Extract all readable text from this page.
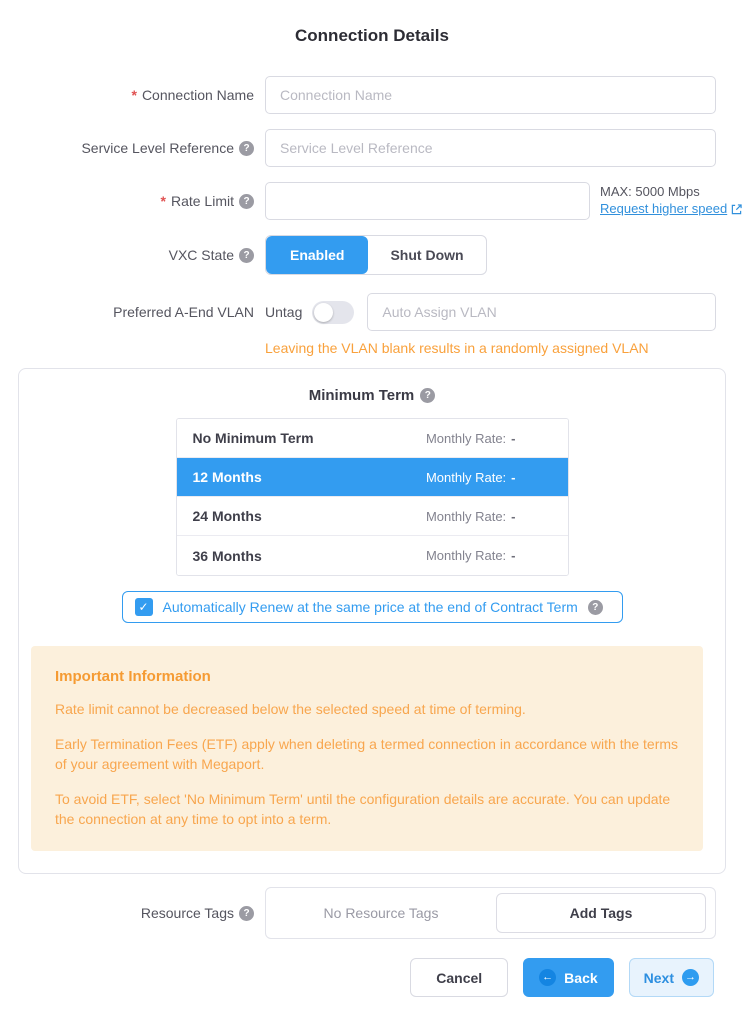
Connection Details
* Connection Name
Connection Name
Service Level Reference ?
Service Level Reference
* Rate Limit ?
MAX: 5000 Mbps
Request higher speed
VXC State ?	Enabled	Shut Down
Preferred A-End VLAN Untag
Auto Assign VLAN
Leaving the VLAN blank results in a randomly assigned VLAN
Minimum Term	?
No Minimum Term	Monthly Rate: -
12 Months	Monthly Rate: -
24 Months	Monthly Rate: -
36 Months	Monthly Rate: -
✓ Automatically Renew at the same price at the end of Contract Term	?
Important Information
Rate limit cannot be decreased below the selected speed at time of terming.
Early Termination Fees (ETF) apply when deleting a termed connection in accordance with the terms of your agreement with Megaport.
To avoid ETF, select 'No Minimum Term' until the configuration details are accurate. You can update the connection at any time to opt into a term.
Resource Tags ?	No Resource Tags	Add Tags
Cancel	← Back	Next →
